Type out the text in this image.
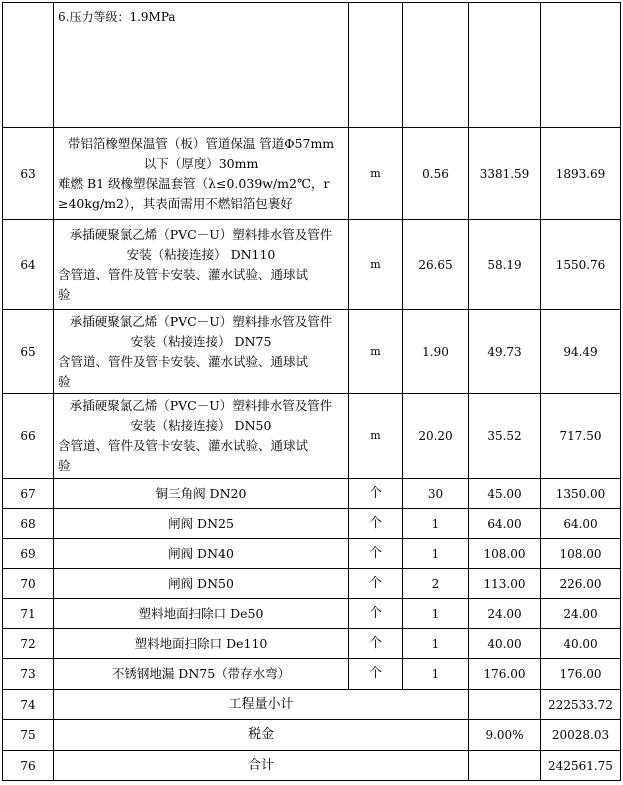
	6.压力等级：1.9MPa				
63	带铝箔橡塑保温管（板）管道保温 管道Φ57mm
以下（厚度）30mm
难燃 B1 级橡塑保温套管（λ≤0.039w/m2℃，r
≥40kg/m2），其表面需用不燃铝箔包裹好	m	0.56	3381.59	1893.69
64	承插硬聚氯乙烯（PVC－U）塑料排水管及管件
安装（粘接连接） DN110
含管道、管件及管卡安装、灌水试验、通球试
验	m	26.65	58.19	1550.76
65	承插硬聚氯乙烯（PVC－U）塑料排水管及管件
安装（粘接连接） DN75
含管道、管件及管卡安装、灌水试验、通球试
验	m	1.90	49.73	94.49
66	承插硬聚氯乙烯（PVC－U）塑料排水管及管件
安装（粘接连接） DN50
含管道、管件及管卡安装、灌水试验、通球试
验	m	20.20	35.52	717.50
67	铜三角阀 DN20	个	30	45.00	1350.00
68	闸阀 DN25	个	1	64.00	64.00
69	闸阀 DN40	个	1	108.00	108.00
70	闸阀 DN50	个	2	113.00	226.00
71	塑料地面扫除口 De50	个	1	24.00	24.00
72	塑料地面扫除口 De110	个	1	40.00	40.00
73	不锈钢地漏 DN75（带存水弯）	个	1	176.00	176.00
74	工程量小计				222533.72
75	税金			9.00%	20028.03
76	合计				242561.75
